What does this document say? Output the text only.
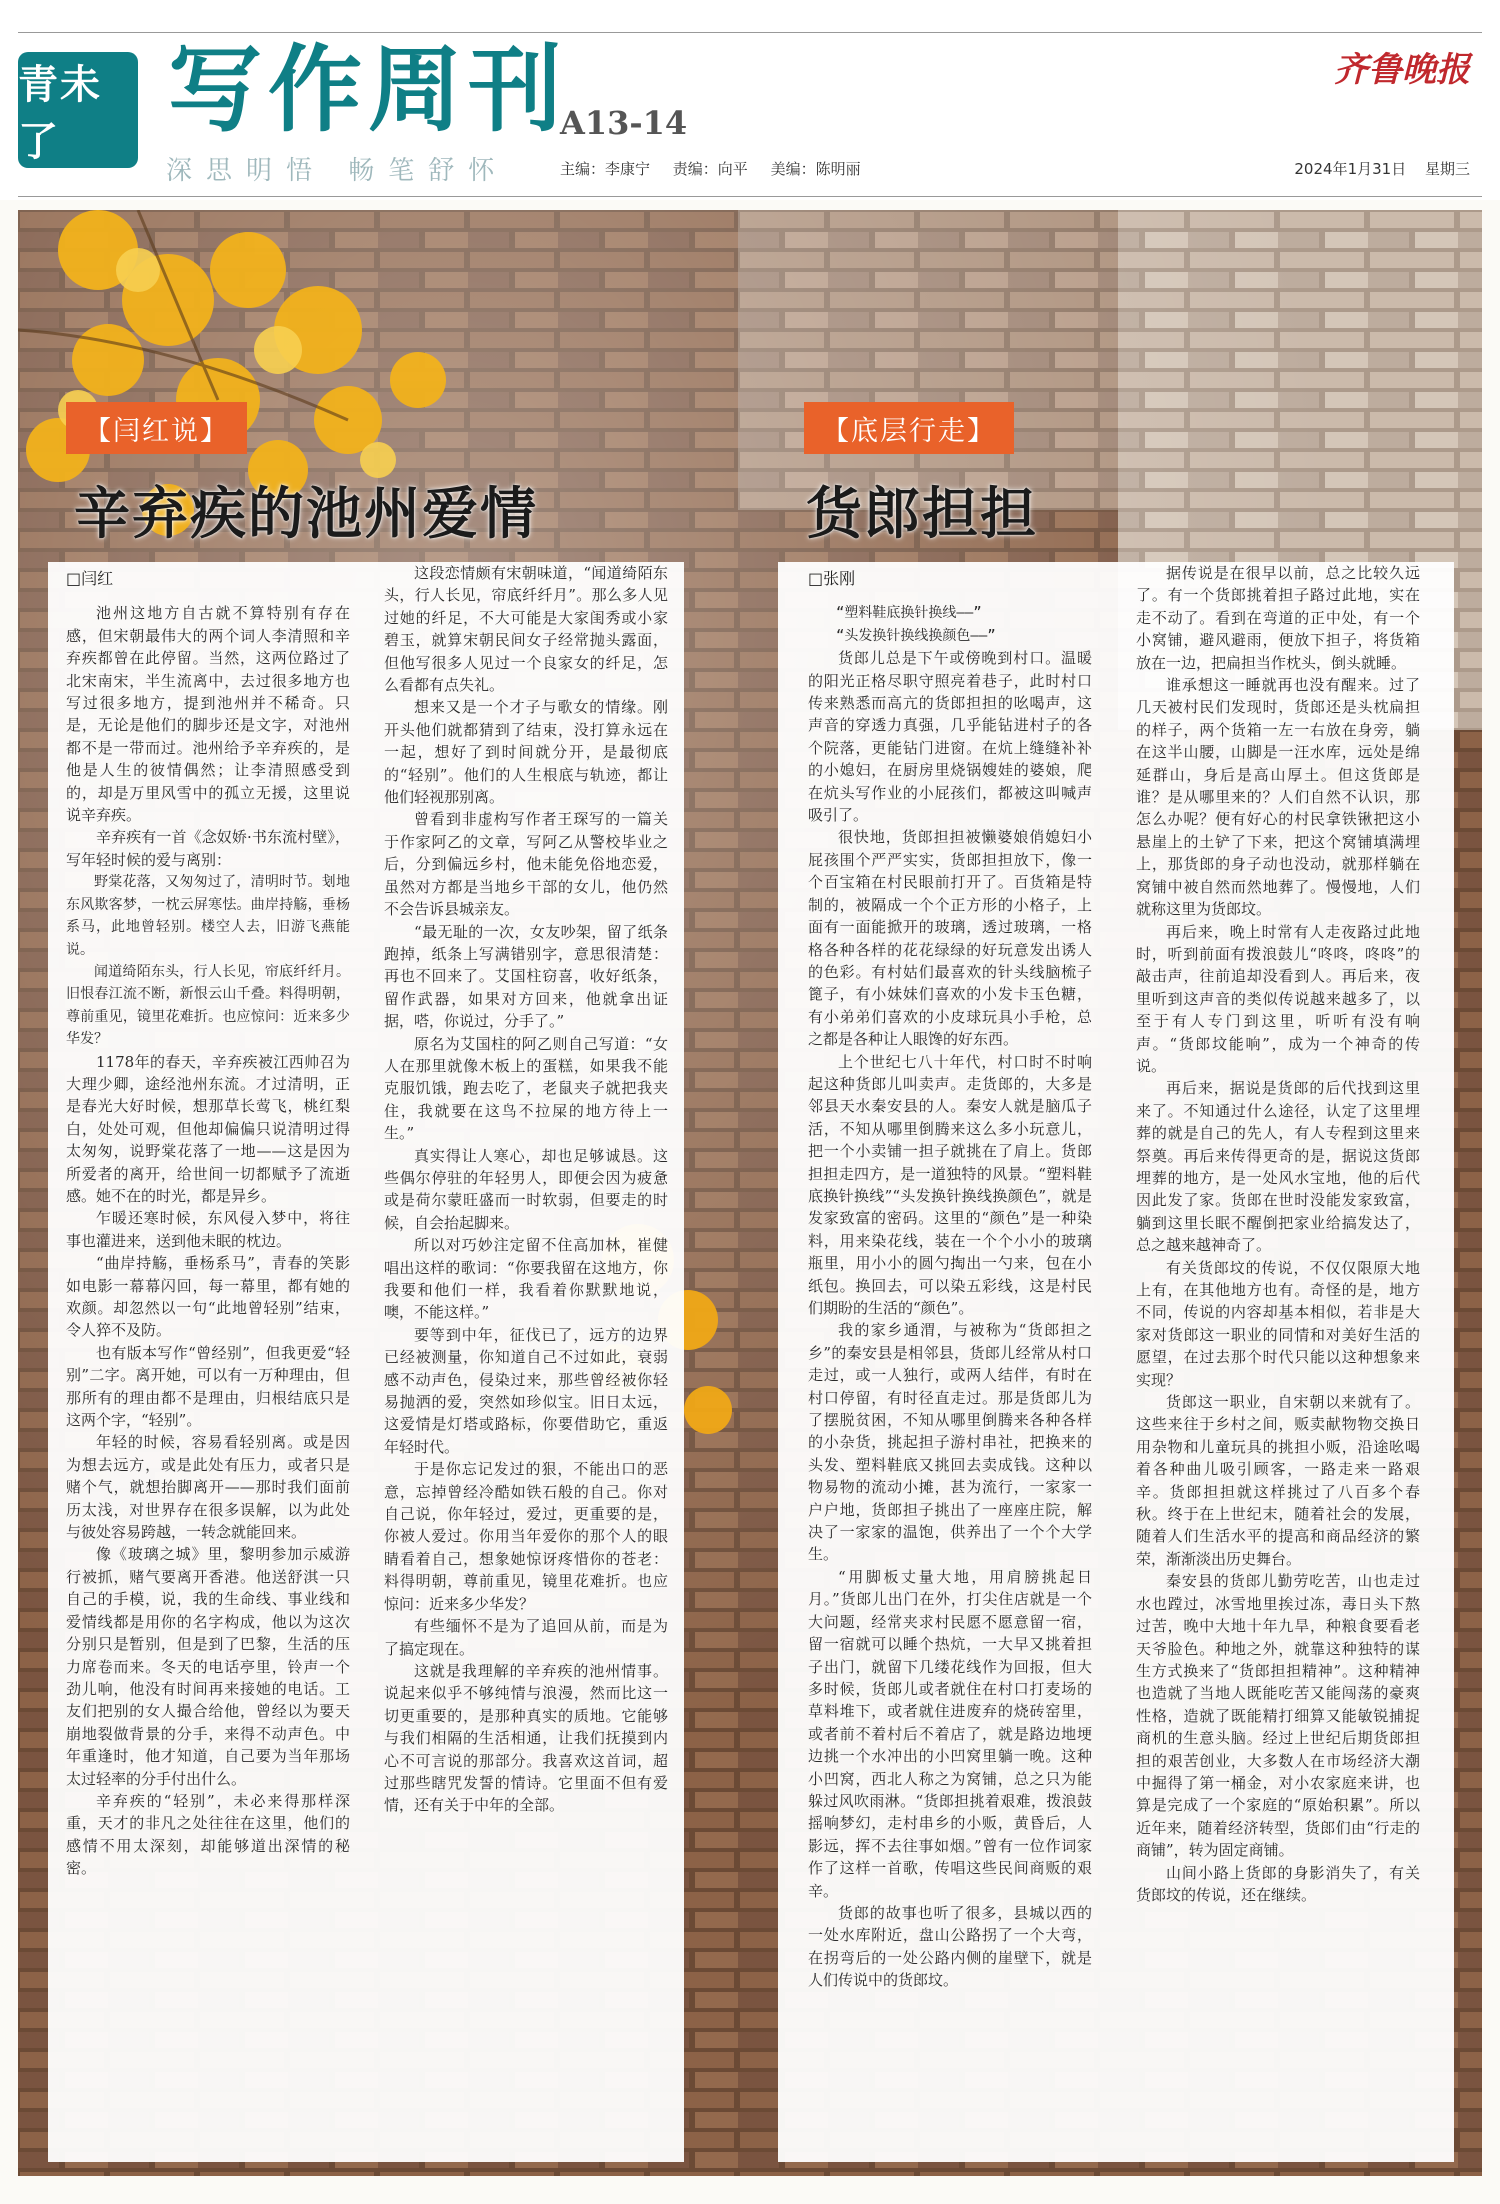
青未了	写作周刊
A13-14
齐鲁晚报
深思明悟 畅笔舒怀	主编：李康宁 责编：向平 美编：陈明丽	2024年1月31日 星期三
【闫红说】
辛弃疾的池州爱情
□闫红

池州这地方自古就不算特别有存在感，但宋朝最伟大的两个词人李清照和辛弃疾都曾在此停留。当然，这两位路过了北宋南宋，半生流离中，去过很多地方也写过很多地方，提到池州并不稀奇。只是，无论是他们的脚步还是文字，对池州都不是一带而过。池州给予辛弃疾的，是他是人生的彼情偶然；让李清照感受到的，却是万里风雪中的孤立无援，这里说说辛弃疾。

辛弃疾有一首《念奴娇·书东流村壁》，写年轻时候的爱与离别：

野棠花落，又匆匆过了，清明时节。刬地东风欺客梦，一枕云屏寒怯。曲岸持觞，垂杨系马，此地曾轻别。楼空人去，旧游飞燕能说。

闻道绮陌东头，行人长见，帘底纤纤月。旧恨春江流不断，新恨云山千叠。料得明朝，尊前重见，镜里花难折。也应惊问：近来多少华发？

1178年的春天，辛弃疾被江西帅召为大理少卿，途经池州东流。才过清明，正是春光大好时候，想那草长莺飞，桃红梨白，处处可观，但他却偏偏只说清明过得太匆匆，说野棠花落了一地——这是因为所爱者的离开，给世间一切都赋予了流逝感。她不在的时光，都是异乡。

乍暖还寒时候，东风侵入梦中，将往事也灌进来，送到他未眠的枕边。

“曲岸持觞，垂杨系马”，青春的笑影如电影一幕幕闪回，每一幕里，都有她的欢颜。却忽然以一句“此地曾轻别”结束，令人猝不及防。

也有版本写作“曾经别”，但我更爱“轻别”二字。离开她，可以有一万种理由，但那所有的理由都不是理由，归根结底只是这两个字，“轻别”。

年轻的时候，容易看轻别离。或是因为想去远方，或是此处有压力，或者只是赌个气，就想抬脚离开——那时我们面前历太浅，对世界存在很多误解，以为此处与彼处容易跨越，一转念就能回来。

像《玻璃之城》里，黎明参加示威游行被抓，赌气要离开香港。他送舒淇一只自己的手模，说，我的生命线、事业线和爱情线都是用你的名字构成，他以为这次分别只是暂别，但是到了巴黎，生活的压力席卷而来。冬天的电话亭里，铃声一个劲儿响，他没有时间再来接她的电话。工友们把别的女人撮合给他，曾经以为要天崩地裂做背景的分手，来得不动声色。中年重逢时，他才知道，自己要为当年那场太过轻率的分手付出什么。

辛弃疾的“轻别”，未必来得那样深重，天才的非凡之处往往在这里，他们的感情不用太深刻，却能够道出深情的秘密。

这段恋情颇有宋朝味道，“闻道绮陌东头，行人长见，帘底纤纤月”。那么多人见过她的纤足，不大可能是大家闺秀或小家碧玉，就算宋朝民间女子经常抛头露面，但他写很多人见过一个良家女的纤足，怎么看都有点失礼。

想来又是一个才子与歌女的情缘。刚开头他们就都猜到了结束，没打算永远在一起，想好了到时间就分开，是最彻底的“轻别”。他们的人生根底与轨迹，都让他们轻视那别离。

曾看到非虚构写作者王琛写的一篇关于作家阿乙的文章，写阿乙从警校毕业之后，分到偏远乡村，他未能免俗地恋爱，虽然对方都是当地乡干部的女儿，他仍然不会告诉县城亲友。

“最无耻的一次，女友吵架，留了纸条跑掉，纸条上写满错别字，意思很清楚：再也不回来了。艾国柱窃喜，收好纸条，留作武器，如果对方回来，他就拿出证据，嗒，你说过，分手了。”

原名为艾国柱的阿乙则自己写道：“女人在那里就像木板上的蛋糕，如果我不能克服饥饿，跑去吃了，老鼠夹子就把我夹住，我就要在这鸟不拉屎的地方待上一生。”

真实得让人寒心，却也足够诚恳。这些偶尔停驻的年轻男人，即便会因为疲惫或是荷尔蒙旺盛而一时软弱，但要走的时候，自会抬起脚来。

所以对巧妙注定留不住高加林，崔健唱出这样的歌词：“你要我留在这地方，你我要和他们一样，我看着你默默地说，噢，不能这样。”

要等到中年，征伐已了，远方的边界已经被测量，你知道自己不过如此，衰弱感不动声色，侵染过来，那些曾经被你轻易抛洒的爱，突然如珍似宝。旧日太远，这爱情是灯塔或路标，你要借助它，重返年轻时代。

于是你忘记发过的狠，不能出口的恶意，忘掉曾经冷酷如铁石般的自己。你对自己说，你年轻过，爱过，更重要的是，你被人爱过。你用当年爱你的那个人的眼睛看着自己，想象她惊讶疼惜你的苍老：料得明朝，尊前重见，镜里花难折。也应惊问：近来多少华发？

有些缅怀不是为了追回从前，而是为了搞定现在。

这就是我理解的辛弃疾的池州情事。说起来似乎不够纯情与浪漫，然而比这一切更重要的，是那种真实的质地。它能够与我们相隔的生活相通，让我们抚摸到内心不可言说的那部分。我喜欢这首词，超过那些瞎咒发誓的情诗。它里面不但有爱情，还有关于中年的全部。

【底层行走】
货郎担担
□张刚

“塑料鞋底换针换线——”

“头发换针换线换颜色——”

货郎儿总是下午或傍晚到村口。温暖的阳光正格尽职守照亮着巷子，此时村口传来熟悉而高亢的货郎担担的吆喝声，这声音的穿透力真强，几乎能钻进村子的各个院落，更能钻门进窗。在炕上缝缝补补的小媳妇，在厨房里烧锅嫂娃的婆娘，爬在炕头写作业的小屁孩们，都被这叫喊声吸引了。

很快地，货郎担担被懒婆娘俏媳妇小屁孩围个严严实实，货郎担担放下，像一个百宝箱在村民眼前打开了。百货箱是特制的，被隔成一个个正方形的小格子，上面有一面能掀开的玻璃，透过玻璃，一格格各种各样的花花绿绿的好玩意发出诱人的色彩。有村姑们最喜欢的针头线脑梳子篦子，有小妹妹们喜欢的小发卡玉色糖，有小弟弟们喜欢的小皮球玩具小手枪，总之都是各种让人眼馋的好东西。

上个世纪七八十年代，村口时不时响起这种货郎儿叫卖声。走货郎的，大多是邻县天水秦安县的人。秦安人就是脑瓜子活，不知从哪里倒腾来这么多小玩意儿，把一个小卖铺一担子就挑在了肩上。货郎担担走四方，是一道独特的风景。“塑料鞋底换针换线”“头发换针换线换颜色”，就是发家致富的密码。这里的“颜色”是一种染料，用来染花线，装在一个个小小的玻璃瓶里，用小小的圆勺掏出一勺来，包在小纸包。换回去，可以染五彩线，这是村民们期盼的生活的“颜色”。

我的家乡通渭，与被称为“货郎担之乡”的秦安县是相邻县，货郎儿经常从村口走过，或一人独行，或两人结伴，有时在村口停留，有时径直走过。那是货郎儿为了摆脱贫困，不知从哪里倒腾来各种各样的小杂货，挑起担子游村串社，把换来的头发、塑料鞋底又挑回去卖成钱。这种以物易物的流动小摊，甚为流行，一家家一户户地，货郎担子挑出了一座座庄院，解决了一家家的温饱，供养出了一个个大学生。

“用脚板丈量大地，用肩膀挑起日月。”货郎儿出门在外，打尖住店就是一个大问题，经常夹求村民愿不愿意留一宿，留一宿就可以睡个热炕，一大早又挑着担子出门，就留下几缕花线作为回报，但大多时候，货郎儿或者就住在村口打麦场的草料堆下，或者就住进废弃的烧砖窑里，或者前不着村后不着店了，就是路边地埂边挑一个水冲出的小凹窝里躺一晚。这种小凹窝，西北人称之为窝铺，总之只为能躲过风吹雨淋。“货郎担挑着艰难，拨浪鼓摇响梦幻，走村串乡的小贩，黄昏后，人影远，挥不去往事如烟。”曾有一位作词家作了这样一首歌，传唱这些民间商贩的艰辛。

货郎的故事也听了很多，县城以西的一处水库附近，盘山公路拐了一个大弯，在拐弯后的一处公路内侧的崖壁下，就是人们传说中的货郎坟。

据传说是在很早以前，总之比较久远了。有一个货郎挑着担子路过此地，实在走不动了。看到在弯道的正中处，有一个小窝铺，避风避雨，便放下担子，将货箱放在一边，把扁担当作枕头，倒头就睡。

谁承想这一睡就再也没有醒来。过了几天被村民们发现时，货郎还是头枕扁担的样子，两个货箱一左一右放在身旁，躺在这半山腰，山脚是一汪水库，远处是绵延群山，身后是高山厚土。但这货郎是谁？是从哪里来的？人们自然不认识，那怎么办呢？便有好心的村民拿铁锹把这小悬崖上的土铲了下来，把这个窝铺填满埋上，那货郎的身子动也没动，就那样躺在窝铺中被自然而然地葬了。慢慢地，人们就称这里为货郎坟。

再后来，晚上时常有人走夜路过此地时，听到前面有拨浪鼓儿“咚咚，咚咚”的敲击声，往前追却没看到人。再后来，夜里听到这声音的类似传说越来越多了，以至于有人专门到这里，听听有没有响声。“货郎坟能响”，成为一个神奇的传说。

再后来，据说是货郎的后代找到这里来了。不知通过什么途径，认定了这里埋葬的就是自己的先人，有人专程到这里来祭奠。再后来传得更奇的是，据说这货郎埋葬的地方，是一处风水宝地，他的后代因此发了家。货郎在世时没能发家致富，躺到这里长眠不醒倒把家业给搞发达了，总之越来越神奇了。

有关货郎坟的传说，不仅仅限原大地上有，在其他地方也有。奇怪的是，地方不同，传说的内容却基本相似，若非是大家对货郎这一职业的同情和对美好生活的愿望，在过去那个时代只能以这种想象来实现？

货郎这一职业，自宋朝以来就有了。这些来往于乡村之间，贩卖献物物交换日用杂物和儿童玩具的挑担小贩，沿途吆喝着各种曲儿吸引顾客，一路走来一路艰辛。货郎担担就这样挑过了八百多个春秋。终于在上世纪末，随着社会的发展，随着人们生活水平的提高和商品经济的繁荣，渐渐淡出历史舞台。

秦安县的货郎儿勤劳吃苦，山也走过水也蹚过，冰雪地里挨过冻，毒日头下熬过苦，晚中大地十年九旱，种粮食要看老天爷脸色。种地之外，就靠这种独特的谋生方式换来了“货郎担担精神”。这种精神也造就了当地人既能吃苦又能闯荡的豪爽性格，造就了既能精打细算又能敏锐捕捉商机的生意头脑。经过上世纪后期货郎担担的艰苦创业，大多数人在市场经济大潮中掘得了第一桶金，对小农家庭来讲，也算是完成了一个家庭的“原始积累”。所以近年来，随着经济转型，货郎们由“行走的商铺”，转为固定商铺。

山间小路上货郎的身影消失了，有关货郎坟的传说，还在继续。
